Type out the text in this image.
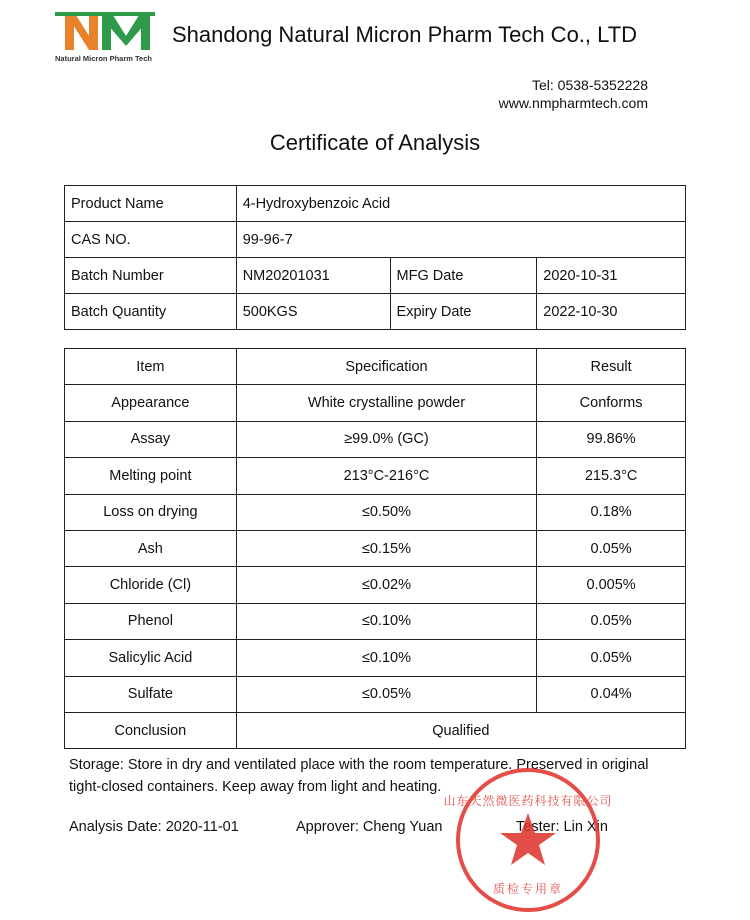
Natural Micron Pharm Tech
Shandong Natural Micron Pharm Tech Co., LTD
Tel: 0538-5352228
www.nmpharmtech.com
Certificate of Analysis
Product Name	4-Hydroxybenzoic Acid		
CAS NO.	99-96-7		
Batch Number	NM20201031	MFG Date	2020-10-31
Batch Quantity	500KGS	Expiry Date	2022-10-30
Item	Specification	Result
Appearance	White crystalline powder	Conforms
Assay	≥99.0% (GC)	99.86%
Melting point	213°C-216°C	215.3°C
Loss on drying	≤0.50%	0.18%
Ash	≤0.15%	0.05%
Chloride (Cl)	≤0.02%	0.005%
Phenol	≤0.10%	0.05%
Salicylic Acid	≤0.10%	0.05%
Sulfate	≤0.05%	0.04%
Conclusion	Qualified	
Storage: Store in dry and ventilated place with the room temperature. Preserved in original tight-closed containers. Keep away from light and heating.
Analysis Date: 2020-11-01	Approver: Cheng Yuan	Tester: Lin Xin
山东天然微医药科技有限公司
质检专用章
